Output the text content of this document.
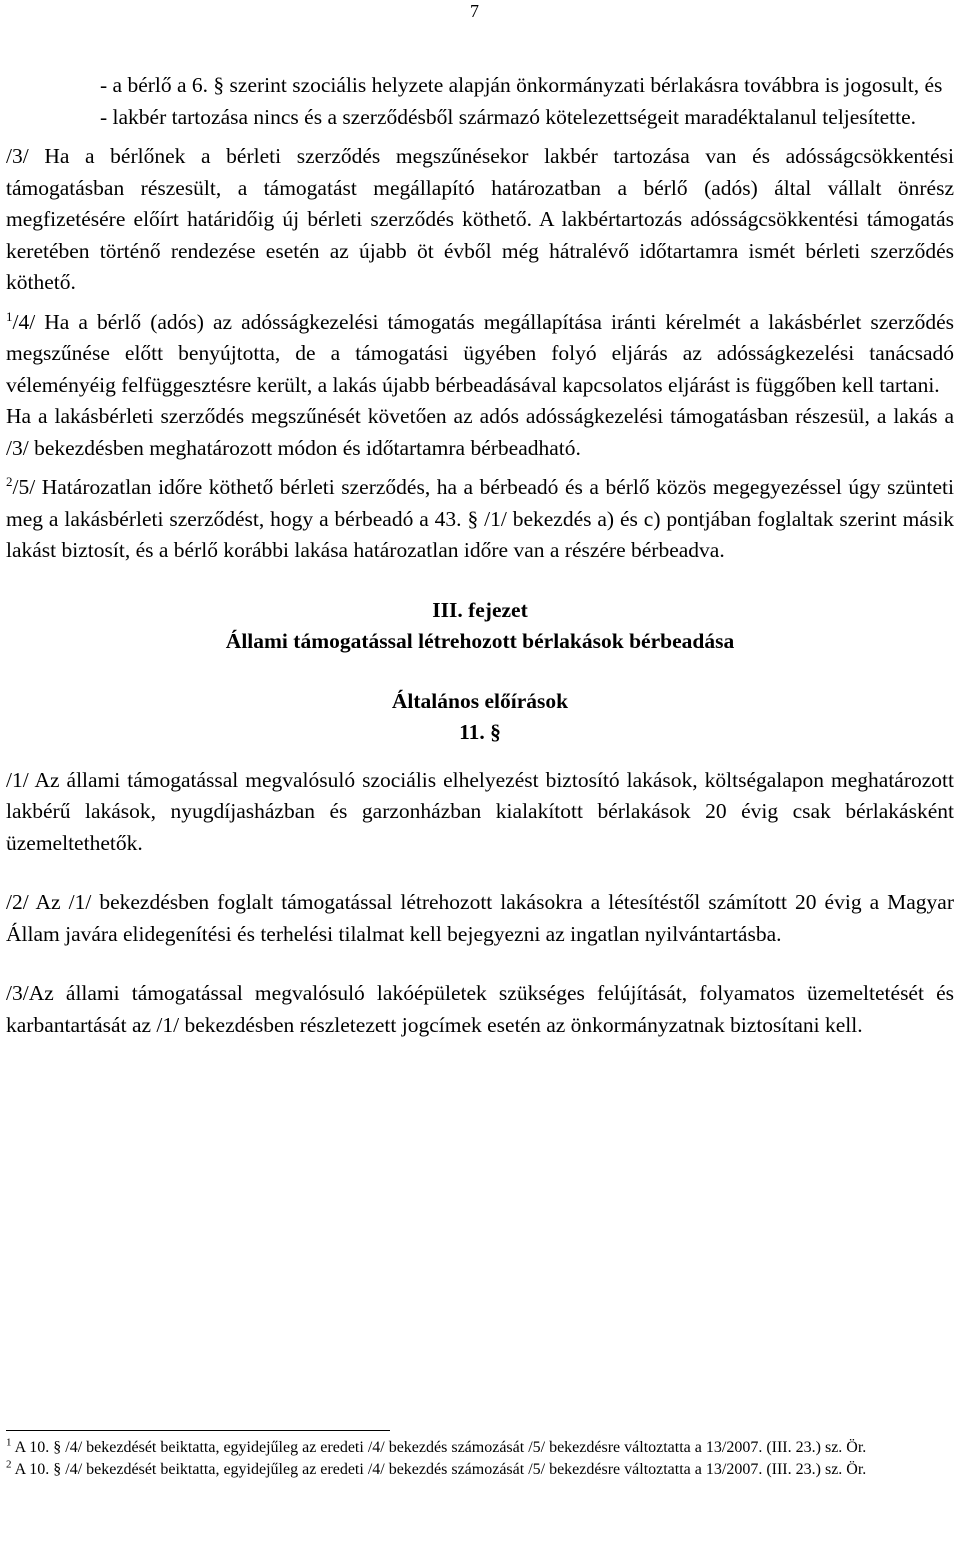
7

- a bérlő a 6. § szerint szociális helyzete alapján önkormányzati bérlakásra továbbra is jogosult, és

- lakbér tartozása nincs és a szerződésből származó kötelezettségeit maradéktalanul teljesítette.

/3/ Ha a bérlőnek a bérleti szerződés megszűnésekor lakbér tartozása van és adósságcsökkentési támogatásban részesült, a támogatást megállapító határozatban a bérlő (adós) által vállalt önrész megfizetésére előírt határidőig új bérleti szerződés köthető. A lakbértartozás adósságcsökkentési támogatás keretében történő rendezése esetén az újabb öt évből még hátralévő időtartamra ismét bérleti szerződés köthető.

$^1$/4/ Ha a bérlő (adós) az adósságkezelési támogatás megállapítása iránti kérelmét a lakásbérlet szerződés megszűnése előtt benyújtotta, de a támogatási ügyében folyó eljárás az adósságkezelési tanácsadó véleményéig felfüggesztésre került, a lakás újabb bérbeadásával kapcsolatos eljárást is függőben kell tartani.

Ha a lakásbérleti szerződés megszűnését követően az adós adósságkezelési támogatásban részesül, a lakás a /3/ bekezdésben meghatározott módon és időtartamra bérbeadható.

$^2$/5/ Határozatlan időre köthető bérleti szerződés, ha a bérbeadó és a bérlő közös megegyezéssel úgy szünteti meg a lakásbérleti szerződést, hogy a bérbeadó a 43. § /1/ bekezdés a) és c) pontjában foglaltak szerint másik lakást biztosít, és a bérlő korábbi lakása határozatlan időre van a részére bérbeadva.

III. fejezet

Állami támogatással létrehozott bérlakások bérbeadása

Általános előírások

11. §

/1/ Az állami támogatással megvalósuló szociális elhelyezést biztosító lakások, költségalapon meghatározott lakbérű lakások, nyugdíjasházban és garzonházban kialakított bérlakások 20 évig csak bérlakásként üzemeltethetők.

/2/ Az /1/ bekezdésben foglalt támogatással létrehozott lakásokra a létesítéstől számított 20 évig a Magyar Állam javára elidegenítési és terhelési tilalmat kell bejegyezni az ingatlan nyilvántartásba.

/3/Az állami támogatással megvalósuló lakóépületek szükséges felújítását, folyamatos üzemeltetését és karbantartását az /1/ bekezdésben részletezett jogcímek esetén az önkormányzatnak biztosítani kell.

$^1$ A 10. § /4/ bekezdését beiktatta, egyidejűleg az eredeti /4/ bekezdés számozását /5/ bekezdésre változtatta a 13/2007. (III. 23.) sz. Ör.
$^2$ A 10. § /4/ bekezdését beiktatta, egyidejűleg az eredeti /4/ bekezdés számozását /5/ bekezdésre változtatta a 13/2007. (III. 23.) sz. Ör.
